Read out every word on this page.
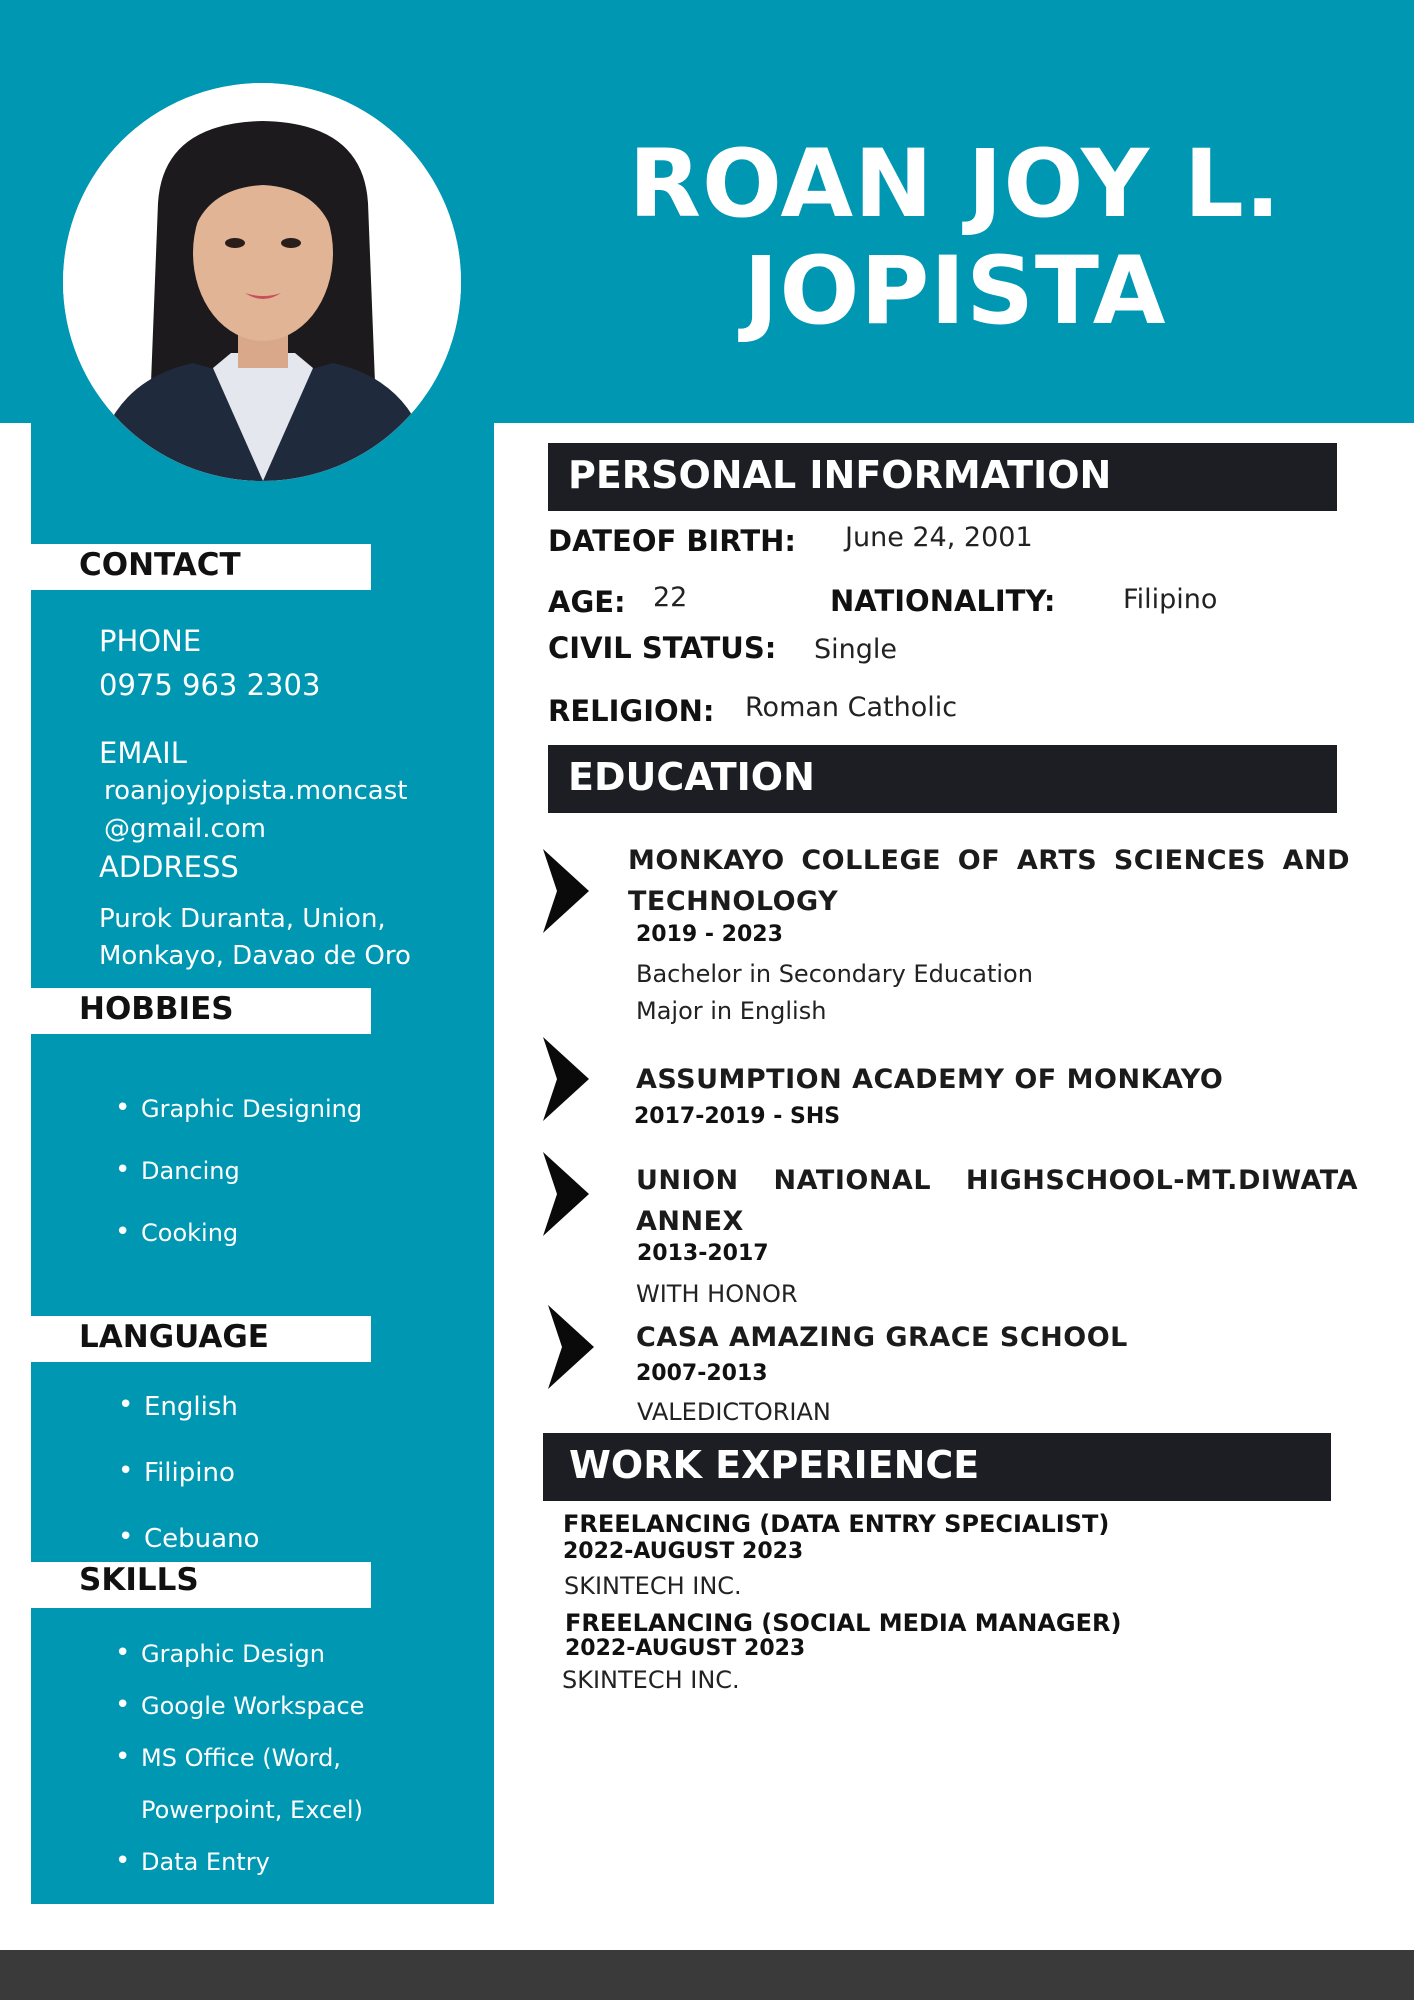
ROAN JOY L.
JOPISTA
CONTACT
PHONE
0975 963 2303
EMAIL
roanjoyjopista.moncast
@gmail.com
ADDRESS
Purok Duranta, Union,
Monkayo, Davao de Oro
HOBBIES
• Graphic Designing
• Dancing
• Cooking
LANGUAGE
• English
• Filipino
• Cebuano
SKILLS
• Graphic Design
• Google Workspace
• MS Office (Word,
Powerpoint, Excel)
• Data Entry
PERSONAL INFORMATION
DATEOF BIRTH: June 24, 2001
AGE: 22	NATIONALITY: Filipino
CIVIL STATUS: Single
RELIGION: Roman Catholic
EDUCATION
MONKAYO COLLEGE OF ARTS SCIENCES AND TECHNOLOGY
2019 - 2023
Bachelor in Secondary Education
Major in English
ASSUMPTION ACADEMY OF MONKAYO
2017-2019 - SHS
UNION NATIONAL HIGHSCHOOL-MT.DIWATA ANNEX
2013-2017
WITH HONOR
CASA AMAZING GRACE SCHOOL
2007-2013
VALEDICTORIAN
WORK EXPERIENCE
FREELANCING (DATA ENTRY SPECIALIST)
2022-AUGUST 2023
SKINTECH INC.
FREELANCING (SOCIAL MEDIA MANAGER)
2022-AUGUST 2023
SKINTECH INC.
